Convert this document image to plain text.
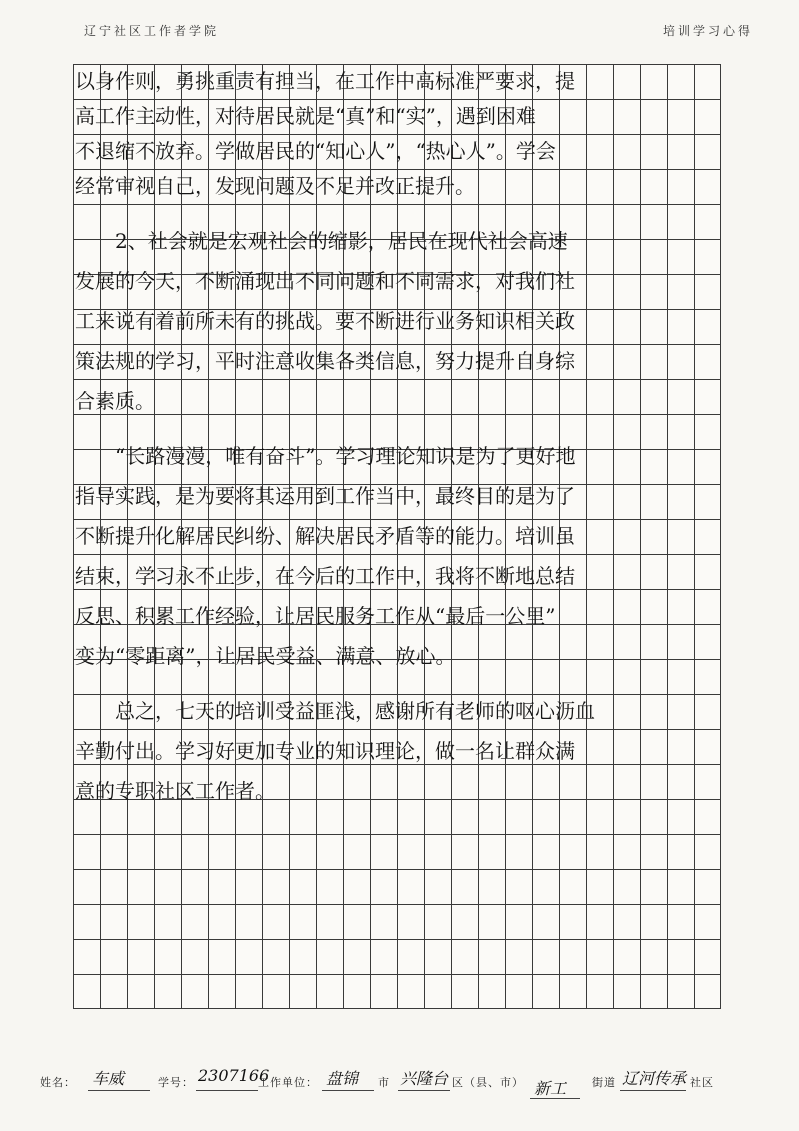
辽宁社区工作者学院	培训学习心得
以身作则，勇挑重责有担当，在工作中高标准严要求，提
高工作主动性，对待居民就是“真”和“实”，遇到困难
不退缩不放弃。学做居民的“知心人”，“热心人”。学会
经常审视自己，发现问题及不足并改正提升。
　　2、社会就是宏观社会的缩影，居民在现代社会高速
发展的今天，不断涌现出不同问题和不同需求，对我们社
工来说有着前所未有的挑战。要不断进行业务知识相关政
策法规的学习，平时注意收集各类信息，努力提升自身综
合素质。
　　“长路漫漫，唯有奋斗”。学习理论知识是为了更好地
指导实践，是为要将其运用到工作当中，最终目的是为了
不断提升化解居民纠纷、解决居民矛盾等的能力。培训虽
结束，学习永不止步，在今后的工作中，我将不断地总结
反思、积累工作经验，让居民服务工作从“最后一公里”
变为“零距离”，让居民受益、满意、放心。
　　总之，七天的培训受益匪浅，感谢所有老师的呕心沥血
辛勤付出。学习好更加专业的知识理论，做一名让群众满
意的专职社区工作者。
姓名： 车威	学号： 2307166
工作单位： 盘锦 市 兴隆台 区（县、市） 新工 街道 辽河传承 社区
